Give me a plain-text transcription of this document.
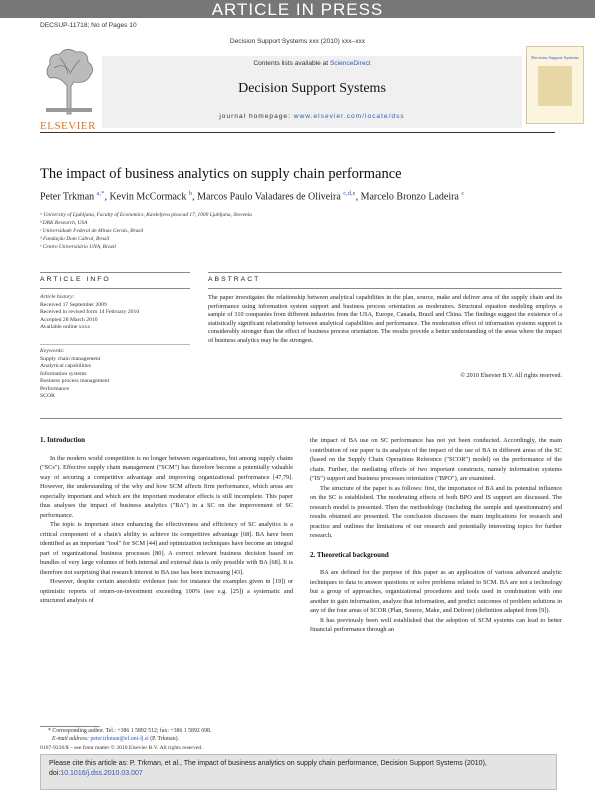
ARTICLE IN PRESS
DECSUP-11718; No of Pages 10
Decision Support Systems xxx (2010) xxx–xxx
ELSEVIER
Contents lists available at ScienceDirect
Decision Support Systems
journal homepage: www.elsevier.com/locate/dss
Decision Support Systems
The impact of business analytics on supply chain performance
Peter Trkman $^{a,*}$, Kevin McCormack $^b$, Marcos Paulo Valadares de Oliveira $^{c,d,e}$, Marcelo Bronzo Ladeira $^c$
ᵃ University of Ljubljana, Faculty of Economics, Kardeljeva ploscad 17, 1000 Ljubljana, Slovenia
ᵇ DRK Research, USA
ᶜ Universidade Federal de Minas Gerais, Brazil
ᵈ Fundação Dom Cabral, Brazil
ᵉ Centro Universitário UNA, Brazil
ARTICLE INFO	ABSTRACT
Article history:
Received 17 September 2009
Received in revised form 14 February 2010
Accepted 28 March 2010
Available online xxxx
Keywords:
Supply chain management
Analytical capabilities
Information systems
Business process management
Performance
SCOR
The paper investigates the relationship between analytical capabilities in the plan, source, make and deliver area of the supply chain and its performance using information system support and business process orientation as moderators. Structural equation modeling employs a sample of 310 companies from different industries from the USA, Europe, Canada, Brazil and China. The findings suggest the existence of a statistically significant relationship between analytical capabilities and performance. The moderation effect of information systems support is considerably stronger than the effect of business process orientation. The results provide a better understanding of the areas where the impact of business analytics may be the strongest.
© 2010 Elsevier B.V. All rights reserved.
1. Introduction

In the modern world competition is no longer between organizations, but among supply chains ("SCs"). Effective supply chain management ("SCM") has therefore become a potentially valuable way of securing a competitive advantage and improving organizational performance [47,79]. However, the understanding of the why and how SCM affects firm performance, which areas are especially important and which are the important moderator effects is still incomplete. This paper thus analyses the impact of business analytics ("BA") in a SC on the improvement of SC performance.

The topic is important since enhancing the effectiveness and efficiency of SC analytics is a critical component of a chain's ability to achieve its competitive advantage [68]. BA have been identified as an important "tool" for SCM [44] and optimization techniques have become an integral part of organizational business processes [80]. A correct relevant business decision based on bundles of very large volumes of both internal and external data is only possible with BA [68]. It is therefore not surprising that research interest in BA use has been increasing [43].

However, despite certain anecdotic evidence (see for instance the examples given in [19]) or optimistic reports of return-on-investment exceeding 100% (see e.g. [25]) a systematic and structured analysis of

the impact of BA use on SC performance has not yet been conducted. Accordingly, the main contribution of our paper is its analysis of the impact of the use of BA in different areas of the SC (based on the Supply Chain Operations Reference ("SCOR") model) on the performance of the chain. Further, the mediating effects of two important constructs, namely information systems ("IS") support and business processes orientation ("BPO"), are examined.

The structure of the paper is as follows: first, the importance of BA and its potential influence on the SC is established. The moderating effects of both BPO and IS support are discussed. The research model is presented. Then the methodology (including the sample and questionnaire) and results obtained are presented. The conclusion discusses the main implications for research and practice and outlines the limitations of our research and potentially interesting topics for further research.

2. Theoretical background

BA are defined for the purpose of this paper as an application of various advanced analytic techniques to data to answer questions or solve problems related to SCM. BA are not a technology but a group of approaches, organizational procedures and tools used in combination with one another to gain information, analyze that information, and predict outcomes of problem solutions in any of the four areas of SCOR (Plan, Source, Make, and Deliver) (definition adapted from [9]).

It has previously been well established that the adoption of SCM systems can lead to better financial performance through an

* Corresponding author. Tel.: +386 1 5892 512; fax: +386 1 5892 698.
E-mail address: peter.trkman@ef.uni-lj.si (P. Trkman).
0167-9236/$ – see front matter © 2010 Elsevier B.V. All rights reserved.
Please cite this article as: P. Trkman, et al., The impact of business analytics on supply chain performance, Decision Support Systems (2010),
doi:10.1016/j.dss.2010.03.007
